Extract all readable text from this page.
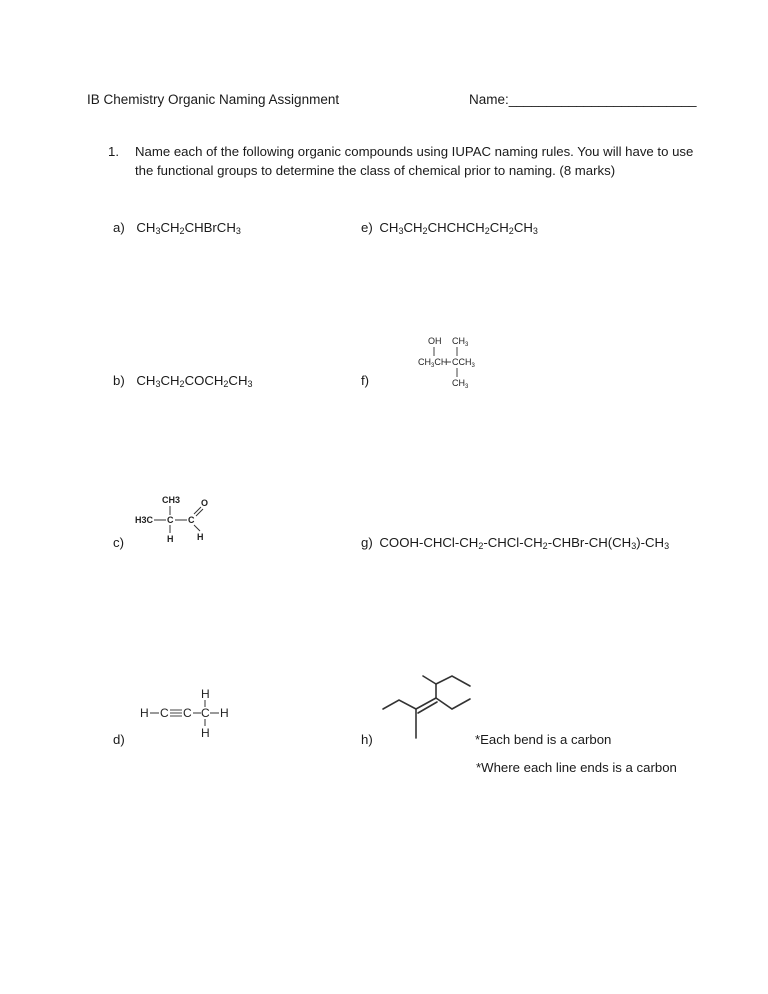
IB Chemistry Organic Naming Assignment	Name:_________________________
1. Name each of the following organic compounds using IUPAC naming rules. You will have to use
the functional groups to determine the class of chemical prior to naming. (8 marks)
a) $CH_3CH_2CHBrCH_3$	e) $CH_3CH_2CHCHCH_2CH_2CH_3$
OH $CH_3$
$CH_3CH$ $CCH_3$
$CH_3$
b) $CH_3CH_2COCH_2CH_3$	f)
CH3 O
H3C C C
H	H
c)	g) COOH-$CHCl-CH_2-CHCl-CH_2-CHBr-CH(CH_3)-CH_3$
H C C C
H
H
H
d)	h)	*Each bend is a carbon
*Where each line ends is a carbon
